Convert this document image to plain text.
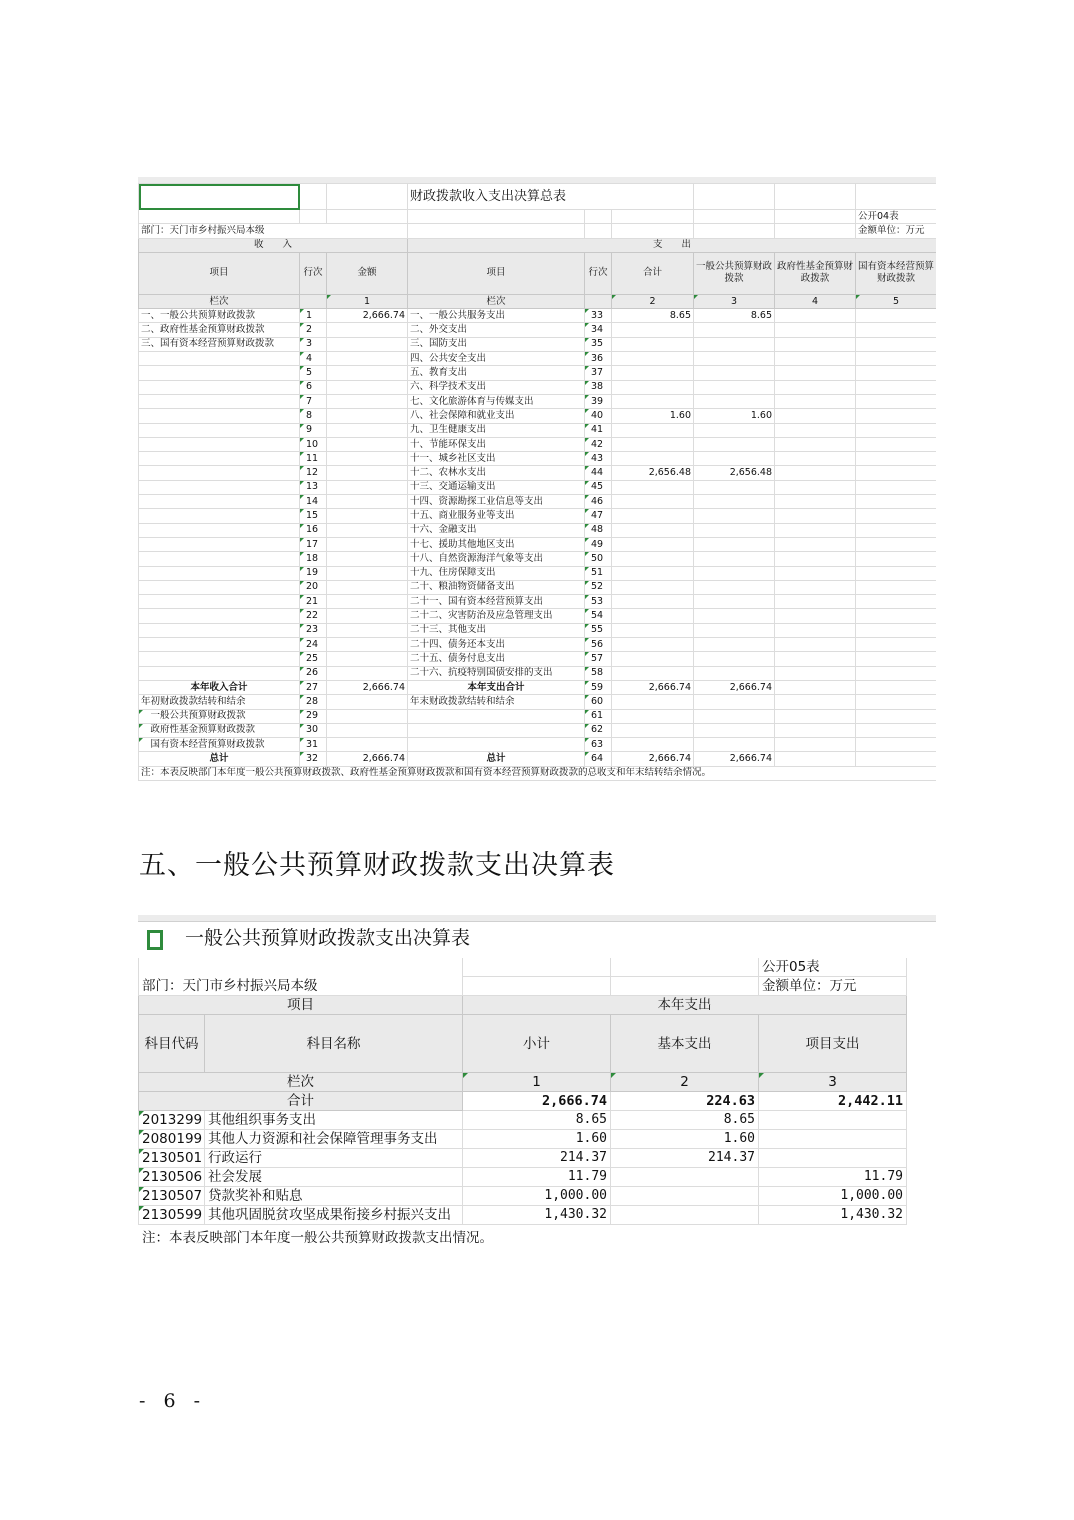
			财政拨款收入支出决算总表					
								公开04表
部门：天门市乡村振兴局本级								金额单位：万元
收　　入			支　　出					
项目	行次	金额	项目	行次	合计	一般公共预算财政拨款	政府性基金预算财政拨款	国有资本经营预算财政拨款
栏次		1	栏次		2	3	4	5
一、一般公共预算财政拨款	1	2,666.74	一、一般公共服务支出	33	8.65	8.65		
二、政府性基金预算财政拨款	2		二、外交支出	34				
三、国有资本经营预算财政拨款	3		三、国防支出	35				
	4		四、公共安全支出	36				
	5		五、教育支出	37				
	6		六、科学技术支出	38				
	7		七、文化旅游体育与传媒支出	39				
	8		八、社会保障和就业支出	40	1.60	1.60		
	9		九、卫生健康支出	41				
	10		十、节能环保支出	42				
	11		十一、城乡社区支出	43				
	12		十二、农林水支出	44	2,656.48	2,656.48		
	13		十三、交通运输支出	45				
	14		十四、资源勘探工业信息等支出	46				
	15		十五、商业服务业等支出	47				
	16		十六、金融支出	48				
	17		十七、援助其他地区支出	49				
	18		十八、自然资源海洋气象等支出	50				
	19		十九、住房保障支出	51				
	20		二十、粮油物资储备支出	52				
	21		二十一、国有资本经营预算支出	53				
	22		二十二、灾害防治及应急管理支出	54				
	23		二十三、其他支出	55				
	24		二十四、债务还本支出	56				
	25		二十五、债务付息支出	57				
	26		二十六、抗疫特别国债安排的支出	58				
本年收入合计	27	2,666.74	本年支出合计	59	2,666.74	2,666.74		
年初财政拨款结转和结余	28		年末财政拨款结转和结余	60				
　一般公共预算财政拨款	29			61				
　政府性基金预算财政拨款	30			62				
　国有资本经营预算财政拨款	31			63				
总计	32	2,666.74	总计	64	2,666.74	2,666.74		
注：本表反映部门本年度一般公共预算财政拨款、政府性基金预算财政拨款和国有资本经营预算财政拨款的总收支和年末结转结余情况。								
五、一般公共预算财政拨款支出决算表
一般公共预算财政拨款支出决算表					
部门：天门市乡村振兴局本级				公开05表	
				金额单位：万元	
项目		本年支出			
科目代码	科目名称	小计	基本支出	项目支出	
栏次		1	2	3	
合计		2,666.74	224.63	2,442.11	
2013299	其他组织事务支出	8.65	8.65		
2080199	其他人力资源和社会保障管理事务支出	1.60	1.60		
2130501	行政运行	214.37	214.37		
2130506	社会发展	11.79		11.79	
2130507	贷款奖补和贴息	1,000.00		1,000.00	
2130599	其他巩固脱贫攻坚成果衔接乡村振兴支出	1,430.32		1,430.32	
注：本表反映部门本年度一般公共预算财政拨款支出情况。					
- 6 -
